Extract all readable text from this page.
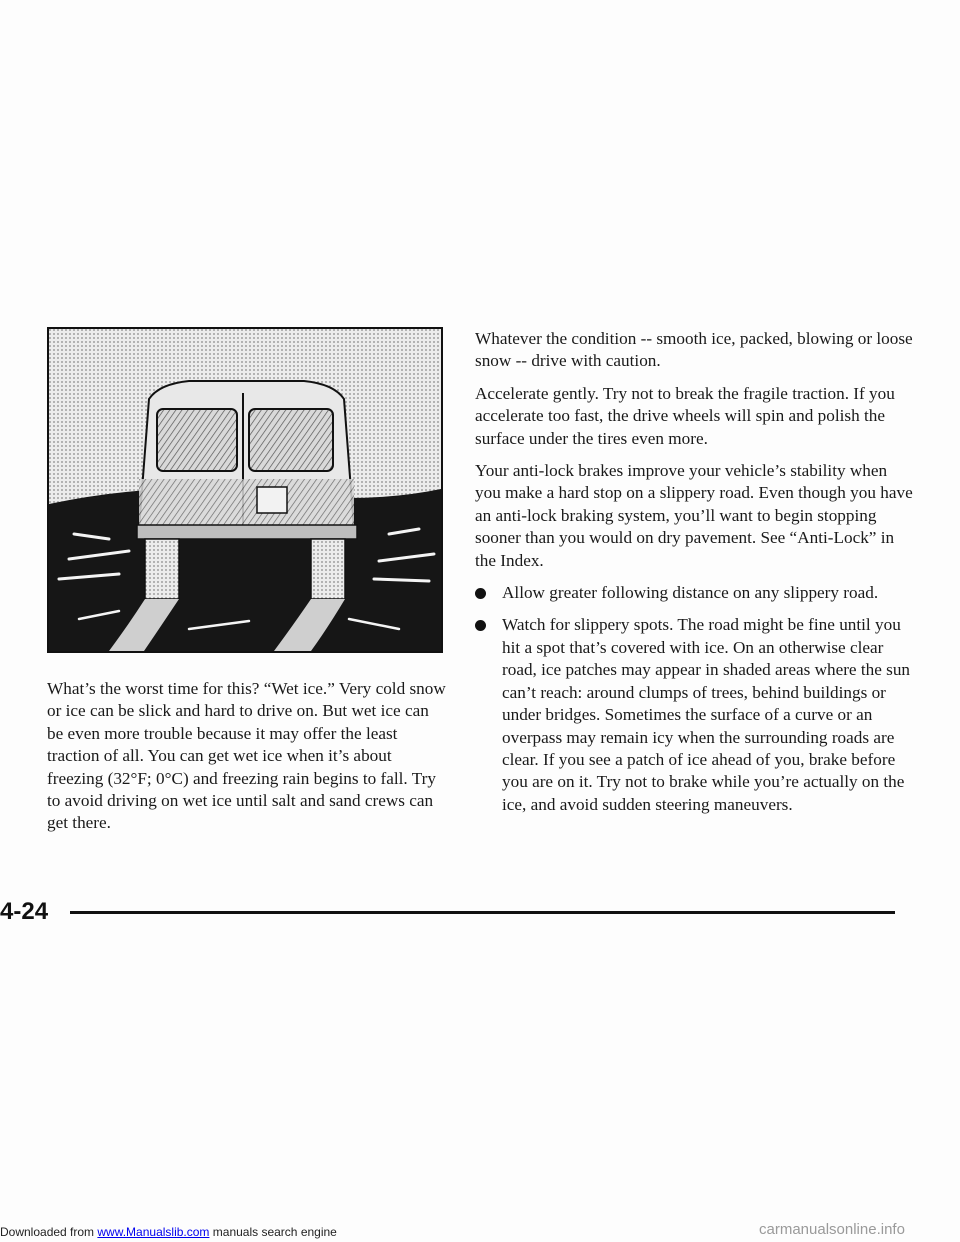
What’s the worst time for this? “Wet ice.” Very cold snow or ice can be slick and hard to drive on. But wet ice can be even more trouble because it may offer the least traction of all. You can get wet ice when it’s about freezing (32°F; 0°C) and freezing rain begins to fall. Try to avoid driving on wet ice until salt and sand crews can get there.

Whatever the condition -- smooth ice, packed, blowing or loose snow -- drive with caution.

Accelerate gently. Try not to break the fragile traction. If you accelerate too fast, the drive wheels will spin and polish the surface under the tires even more.

Your anti-lock brakes improve your vehicle’s stability when you make a hard stop on a slippery road. Even though you have an anti-lock braking system, you’ll want to begin stopping sooner than you would on dry pavement. See “Anti-Lock” in the Index.

Allow greater following distance on any slippery road.
Watch for slippery spots. The road might be fine until you hit a spot that’s covered with ice. On an otherwise clear road, ice patches may appear in shaded areas where the sun can’t reach: around clumps of trees, behind buildings or under bridges. Sometimes the surface of a curve or an overpass may remain icy when the surrounding roads are clear. If you see a patch of ice ahead of you, brake before you are on it. Try not to brake while you’re actually on the ice, and avoid sudden steering maneuvers.
4-24
Downloaded from www.Manualslib.com manuals search engine	carmanualsonline.info
